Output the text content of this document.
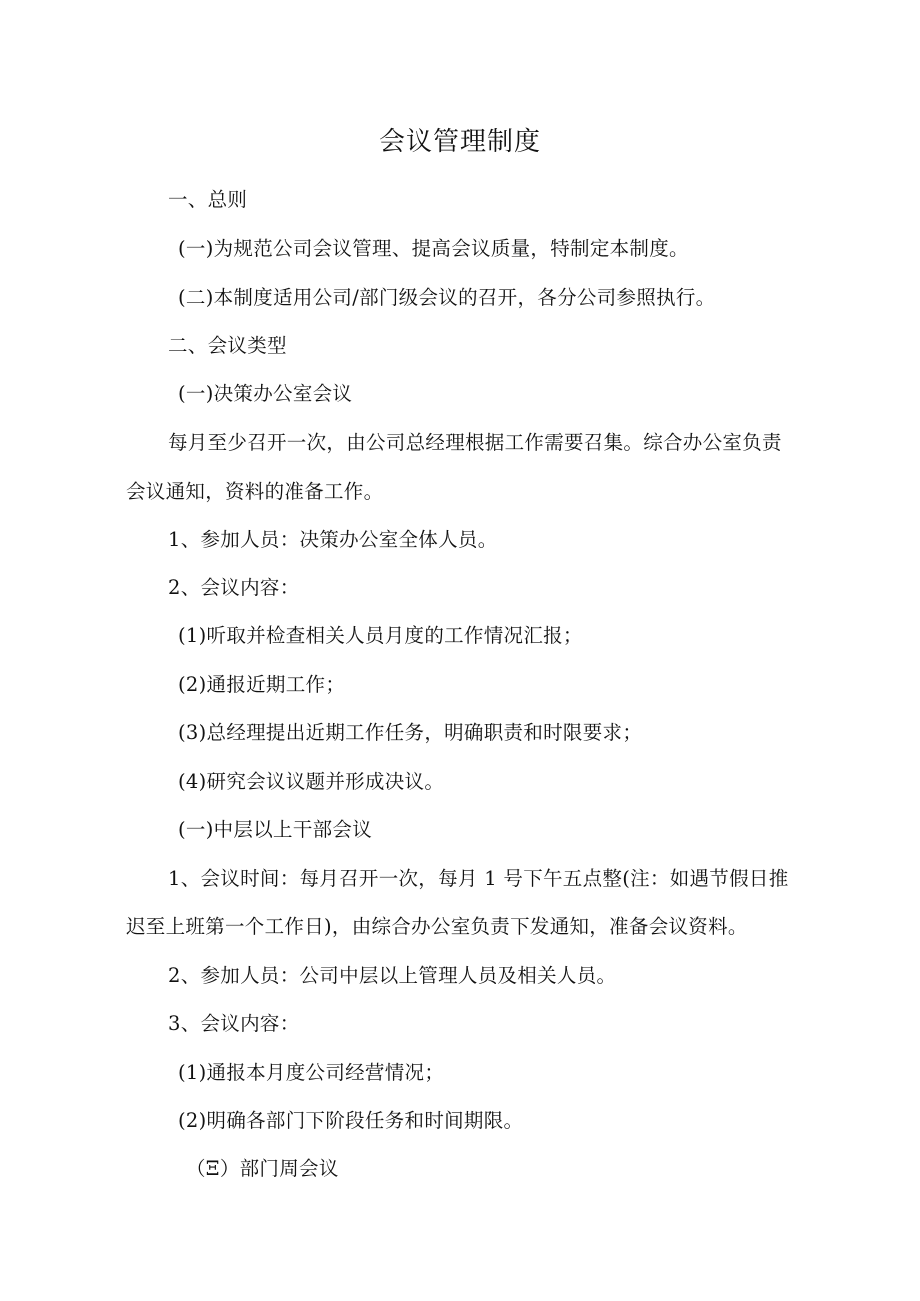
会议管理制度
一、总则
(一)为规范公司会议管理、提高会议质量，特制定本制度。
(二)本制度适用公司/部门级会议的召开，各分公司参照执行。
二、会议类型
(一)决策办公室会议
每月至少召开一次，由公司总经理根据工作需要召集。综合办公室负责
会议通知，资料的准备工作。
1、参加人员：决策办公室全体人员。
2、会议内容：
(1)听取并检查相关人员月度的工作情况汇报；
(2)通报近期工作；
(3)总经理提出近期工作任务，明确职责和时限要求；
(4)研究会议议题并形成决议。
(一)中层以上干部会议
1、会议时间：每月召开一次，每月 1 号下午五点整(注：如遇节假日推
迟至上班第一个工作日)，由综合办公室负责下发通知，准备会议资料。
2、参加人员：公司中层以上管理人员及相关人员。
3、会议内容：
(1)通报本月度公司经营情况；
(2)明确各部门下阶段任务和时间期限。
（Ξ）部门周会议
